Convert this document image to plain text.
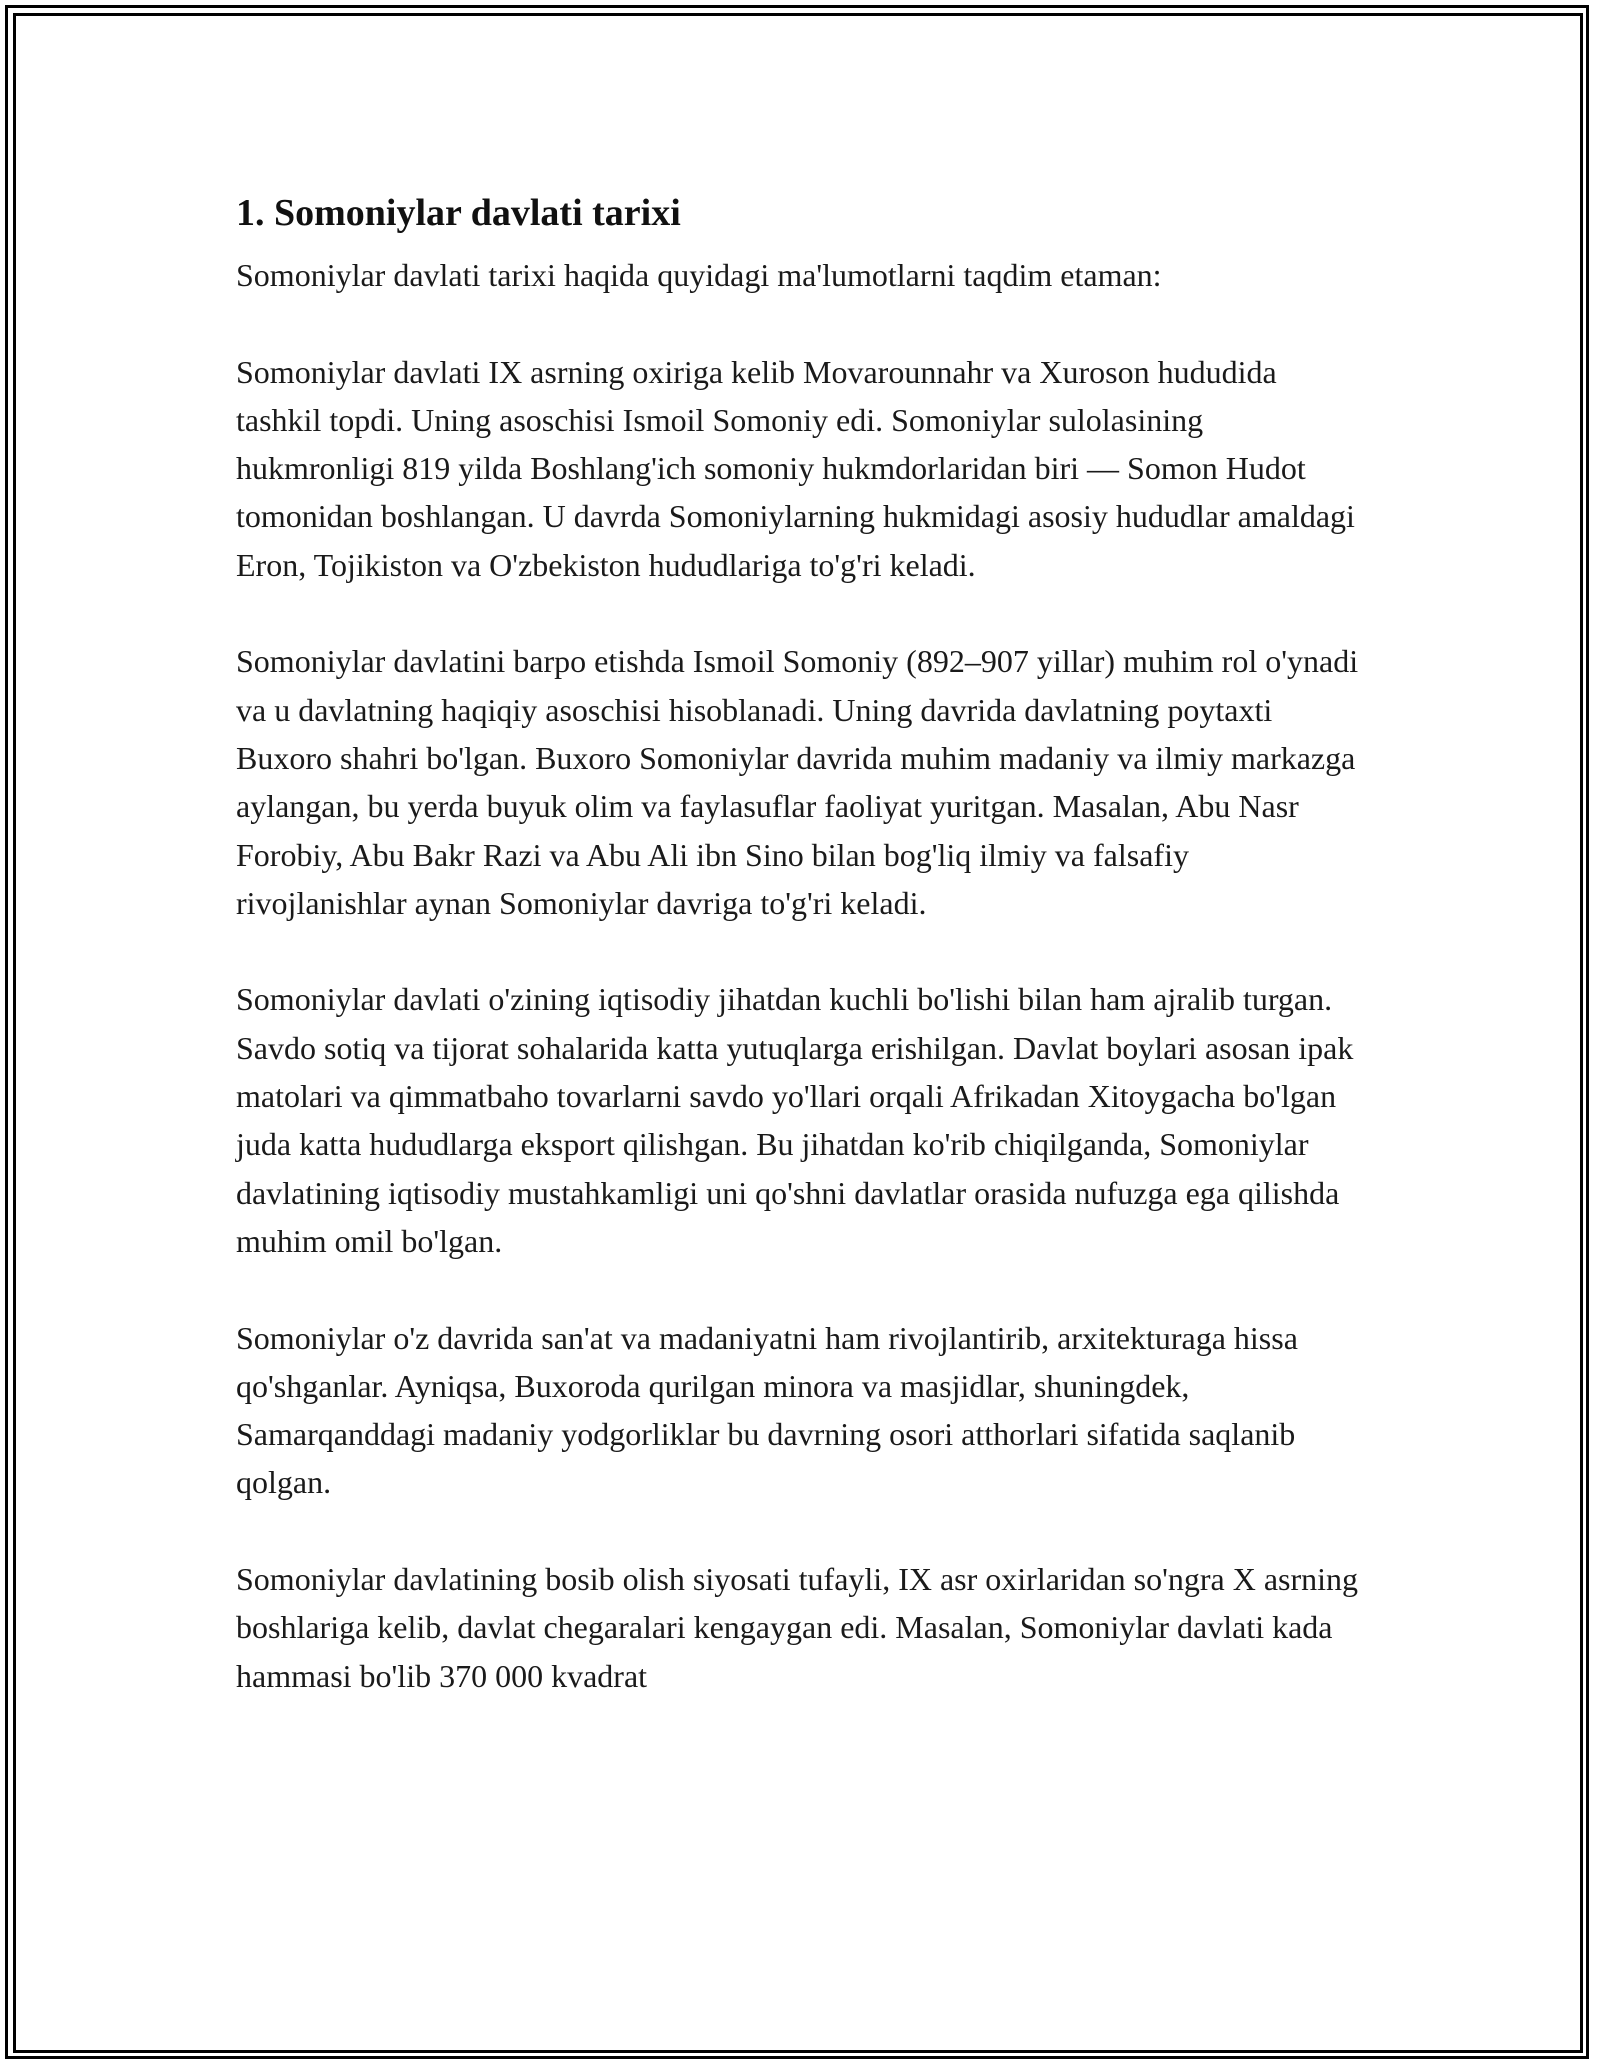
1. Somoniylar davlati tarixi

Somoniylar davlati tarixi haqida quyidagi ma'lumotlarni taqdim etaman:

Somoniylar davlati IX asrning oxiriga kelib Movarounnahr va Xuroson hududida tashkil topdi. Uning asoschisi Ismoil Somoniy edi. Somoniylar sulolasining hukmronligi 819 yilda Boshlang'ich somoniy hukmdorlaridan biri — Somon Hudot tomonidan boshlangan. U davrda Somoniylarning hukmidagi asosiy hududlar amaldagi Eron, Tojikiston va O'zbekiston hududlariga to'g'ri keladi.

Somoniylar davlatini barpo etishda Ismoil Somoniy (892–907 yillar) muhim rol o'ynadi va u davlatning haqiqiy asoschisi hisoblanadi. Uning davrida davlatning poytaxti Buxoro shahri bo'lgan. Buxoro Somoniylar davrida muhim madaniy va ilmiy markazga aylangan, bu yerda buyuk olim va faylasuflar faoliyat yuritgan. Masalan, Abu Nasr Forobiy, Abu Bakr Razi va Abu Ali ibn Sino bilan bog'liq ilmiy va falsafiy rivojlanishlar aynan Somoniylar davriga to'g'ri keladi.

Somoniylar davlati o'zining iqtisodiy jihatdan kuchli bo'lishi bilan ham ajralib turgan. Savdo sotiq va tijorat sohalarida katta yutuqlarga erishilgan. Davlat boylari asosan ipak matolari va qimmatbaho tovarlarni savdo yo'llari orqali Afrikadan Xitoygacha bo'lgan juda katta hududlarga eksport qilishgan. Bu jihatdan ko'rib chiqilganda, Somoniylar davlatining iqtisodiy mustahkamligi uni qo'shni davlatlar orasida nufuzga ega qilishda muhim omil bo'lgan.

Somoniylar o'z davrida san'at va madaniyatni ham rivojlantirib, arxitekturaga hissa qo'shganlar. Ayniqsa, Buxoroda qurilgan minora va masjidlar, shuningdek, Samarqanddagi madaniy yodgorliklar bu davrning osori atthorlari sifatida saqlanib qolgan.

Somoniylar davlatining bosib olish siyosati tufayli, IX asr oxirlaridan so'ngra X asrning boshlariga kelib, davlat chegaralari kengaygan edi. Masalan, Somoniylar davlati kada hammasi bo'lib 370 000 kvadrat
